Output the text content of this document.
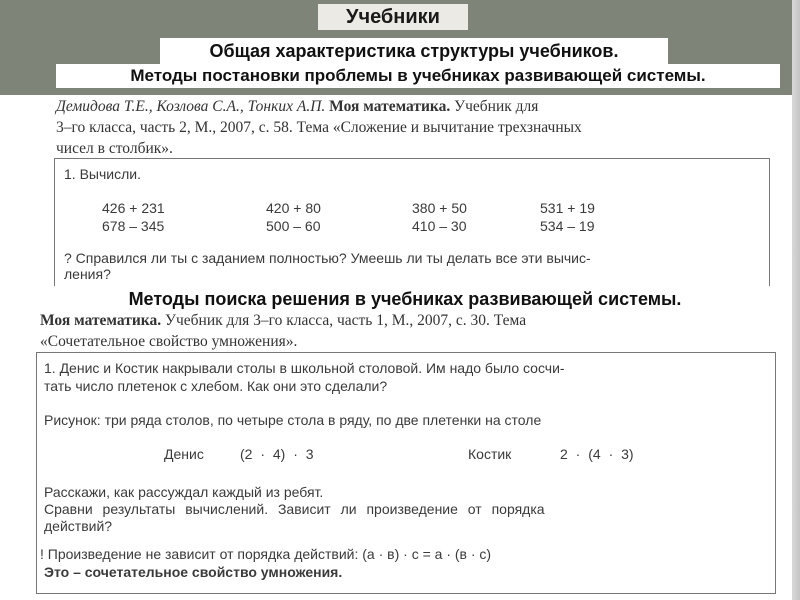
Учебники
Общая характеристика структуры учебников.
Методы постановки проблемы в учебниках развивающей системы.
Демидова Т.Е., Козлова С.А., Тонких А.П. Моя математика. Учебник для
3–го класса, часть 2, М., 2007, с. 58. Тема «Сложение и вычитание трехзначных
чисел в столбик».
1. Вычисли.
426 + 231	420 + 80	380 + 50	531 + 19
678 – 345	500 – 60	410 – 30	534 – 19
? Справился ли ты с заданием полностью? Умеешь ли ты делать все эти вычис-
ления?
Методы поиска решения в учебниках развивающей системы.
Моя математика. Учебник для 3–го класса, часть 1, М., 2007, с. 30. Тема
«Сочетательное свойство умножения».
1. Денис и Костик накрывали столы в школьной столовой. Им надо было сосчи-
тать число плетенок с хлебом. Как они это сделали?
Рисунок: три ряда столов, по четыре стола в ряду, по две плетенки на столе
Денис	(2 · 4) · 3	Костик	2 · (4 · 3)
Расскажи, как рассуждал каждый из ребят.
Сравни результаты вычислений. Зависит ли произведение от порядка
действий?
! Произведение не зависит от порядка действий: (а · в) · с = а · (в · с)
Это – сочетательное свойство умножения.
